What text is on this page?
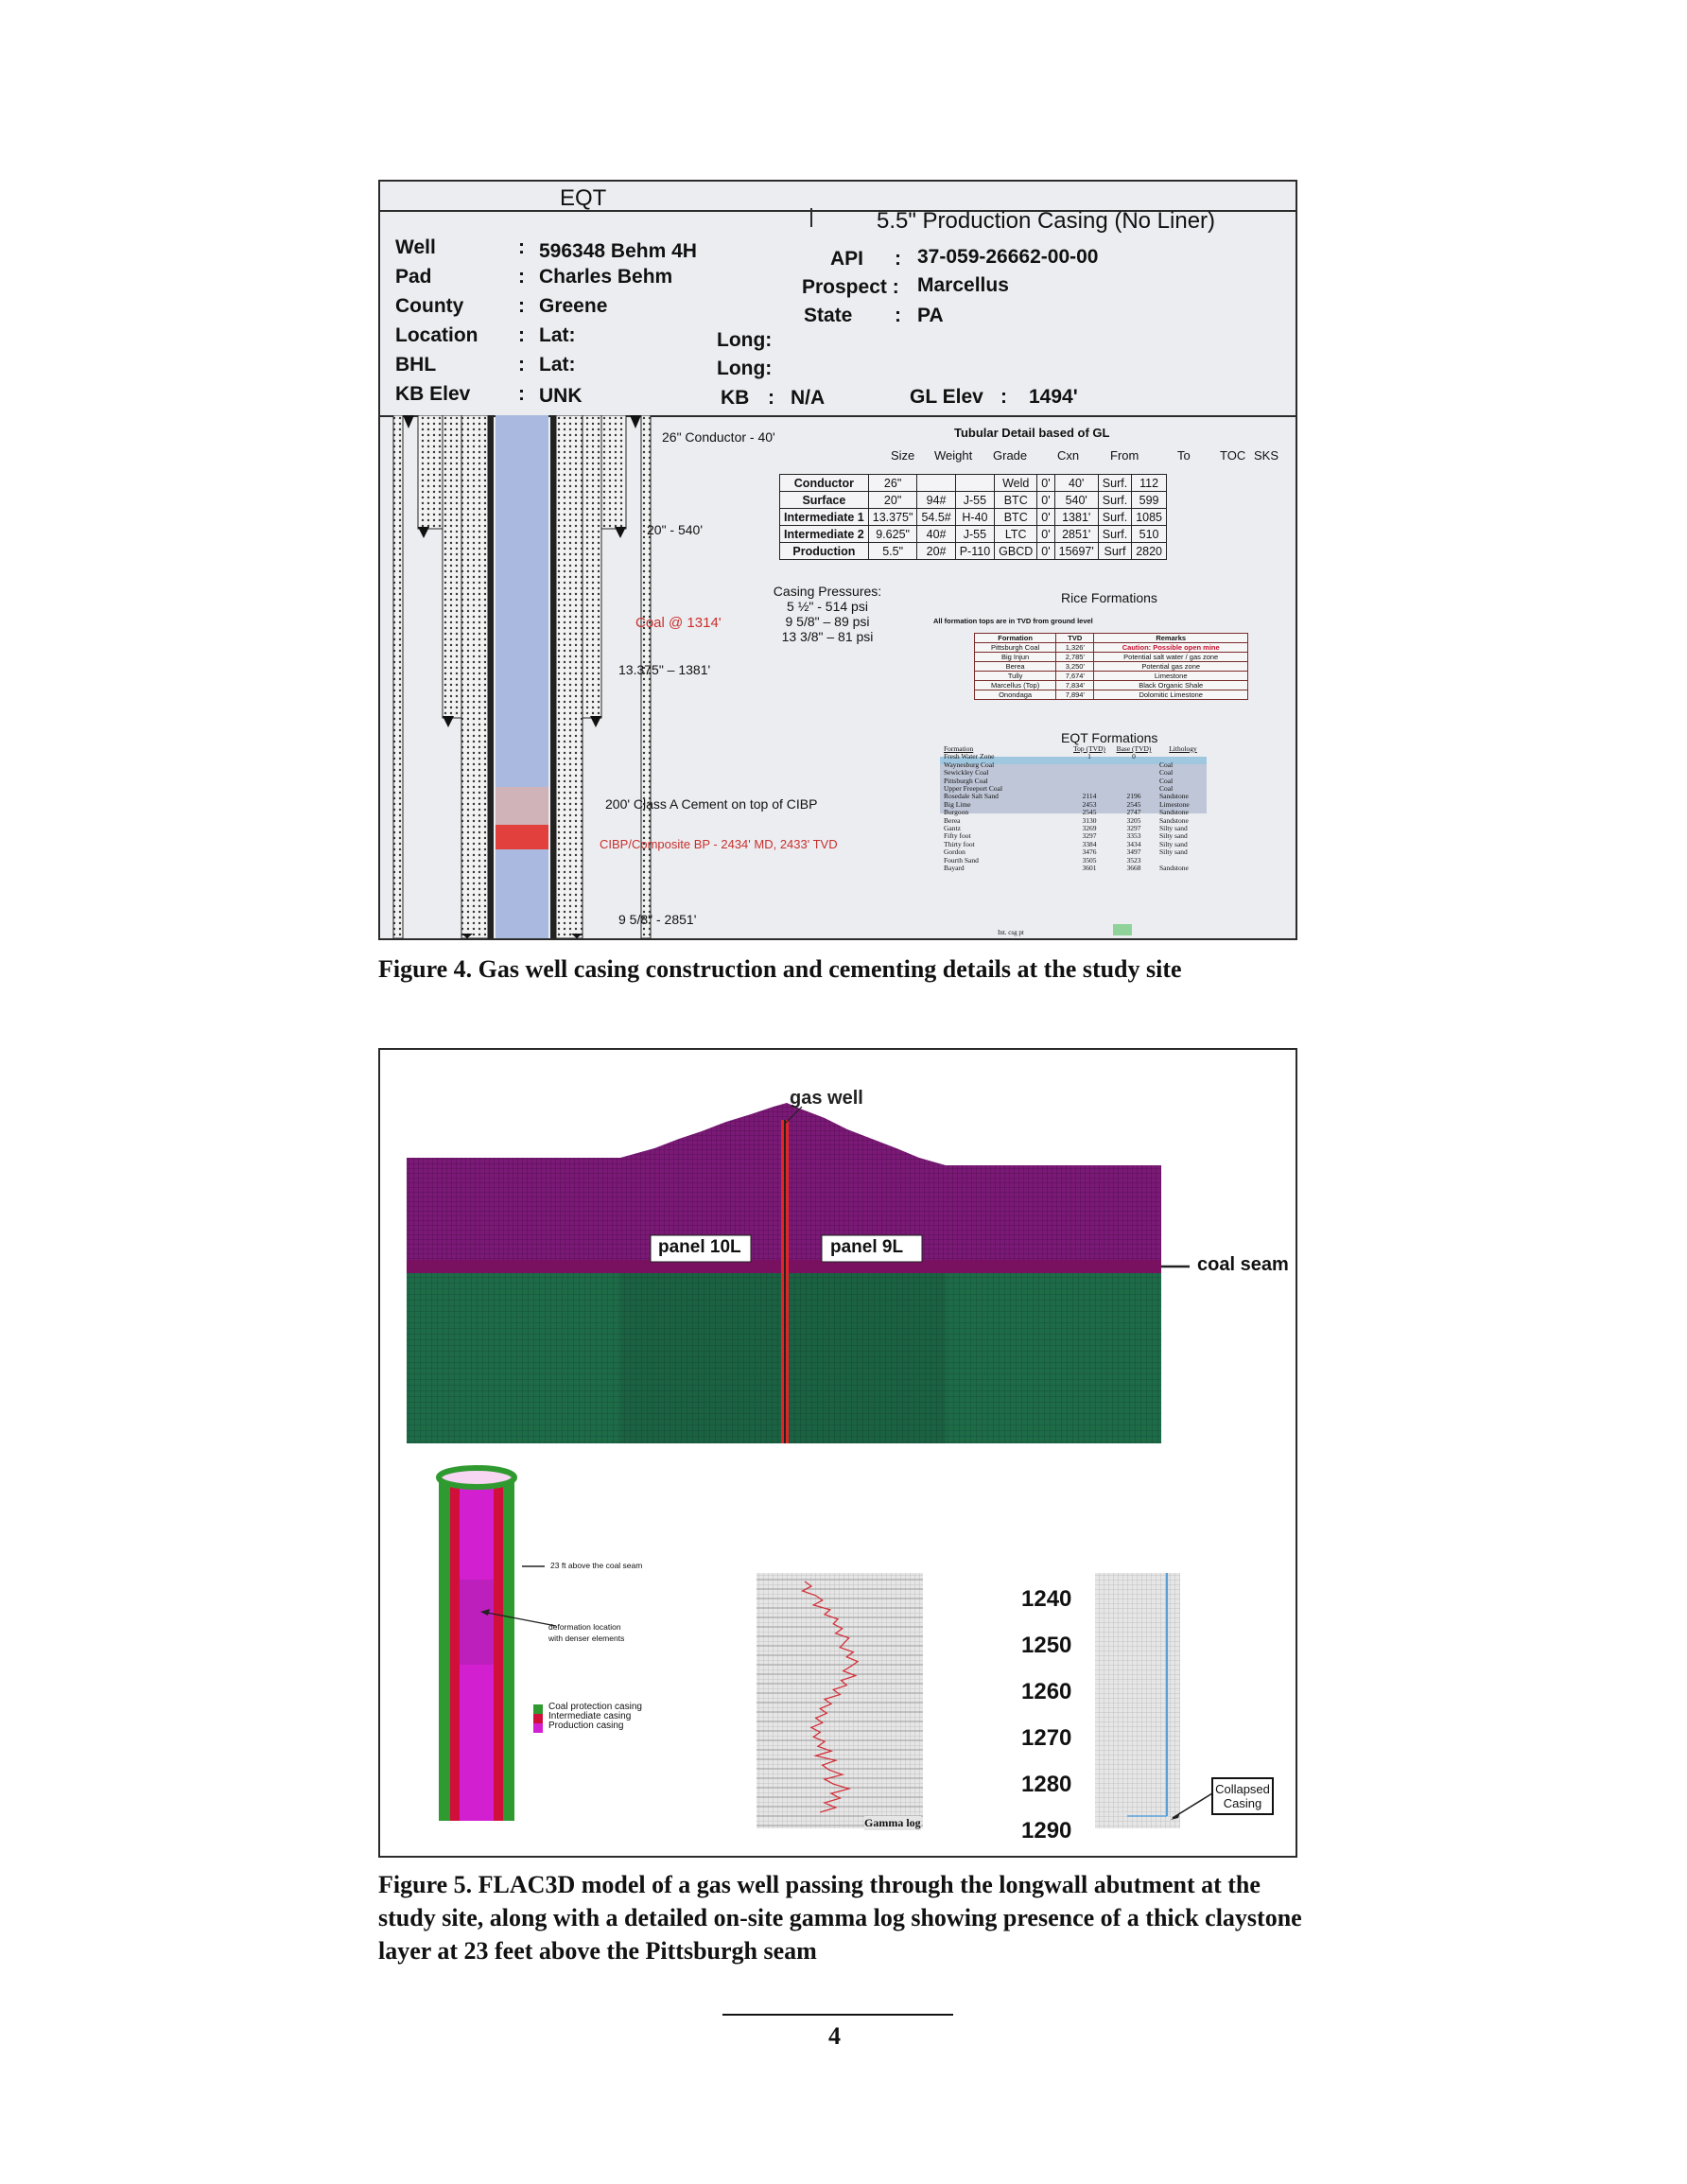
EQT
5.5" Production Casing (No Liner)
Well	: 596348 Behm 4H
Pad	: Charles Behm
County	: Greene
Location : Lat:
BHL	: Lat:
KB Elev : UNK
Long:
Long:
KB : N/A	GL Elev : 1494'
API : 37-059-26662-00-00
Prospect : Marcellus
State : PA
26" Conductor - 40'
20" - 540'
Coal @ 1314'
13.375" – 1381'
200' Class A Cement on top of CIBP
CIBP/Composite BP - 2434' MD, 2433' TVD
9 5/8" - 2851'
Tubular Detail based of GL
Size Weight Grade Cxn	From	To TOC SKS
Conductor	26"			Weld	0'	40'	Surf.	112
Surface	20"	94#	J-55	BTC	0'	540'	Surf.	599
Intermediate 1	13.375"	54.5#	H-40	BTC	0'	1381'	Surf.	1085
Intermediate 2	9.625"	40#	J-55	LTC	0'	2851'	Surf.	510
Production	5.5"	20#	P-110	GBCD	0'	15697'	Surf	2820
Casing Pressures:
5 ½" - 514 psi
9 5/8" – 89 psi
13 3/8" – 81 psi
Rice Formations
All formation tops are in TVD from ground level
Formation	TVD	Remarks
Pittsburgh Coal	1,326'	Caution: Possible open mine
Big Injun	2,785'	Potential salt water / gas zone
Berea	3,250'	Potential gas zone
Tully	7,674'	Limestone
Marcellus (Top)	7,834'	Black Organic Shale
Onondaga	7,894'	Dolomitic Limestone
EQT Formations
Formation	Top (TVD)	Base (TVD)	Lithology
Fresh Water Zone	1	0	
Waynesburg Coal			Coal
Sewickley Coal			Coal
Pittsburgh Coal			Coal
Upper Freeport Coal			Coal
Rosedale Salt Sand	2114	2196	Sandstone
Big Lime	2453	2545	Limestone
Burgoon	2545	2747	Sandstone
Berea	3130	3205	Sandstone
Gantz	3269	3297	Silty sand
Fifty foot	3297	3353	Silty sand
Thirty foot	3384	3434	Silty sand
Gordon	3476	3497	Silty sand
Fourth Sand	3505	3523	
Bayard	3601	3668	Sandstone
Int. csg pt
Figure 4. Gas well casing construction and cementing details at the study site
gas well
panel 10L	panel 9L
coal seam
23 ft above the coal seam
deformation location
with denser elements
Coal protection casing
Intermediate casing
Production casing
1240
1250
1260
1270
1280
1290
Gamma log
Collapsed
Casing
Figure 5. FLAC3D model of a gas well passing through the longwall abutment at the study site, along with a detailed on-site gamma log showing presence of a thick claystone layer at 23 feet above the Pittsburgh seam
4
